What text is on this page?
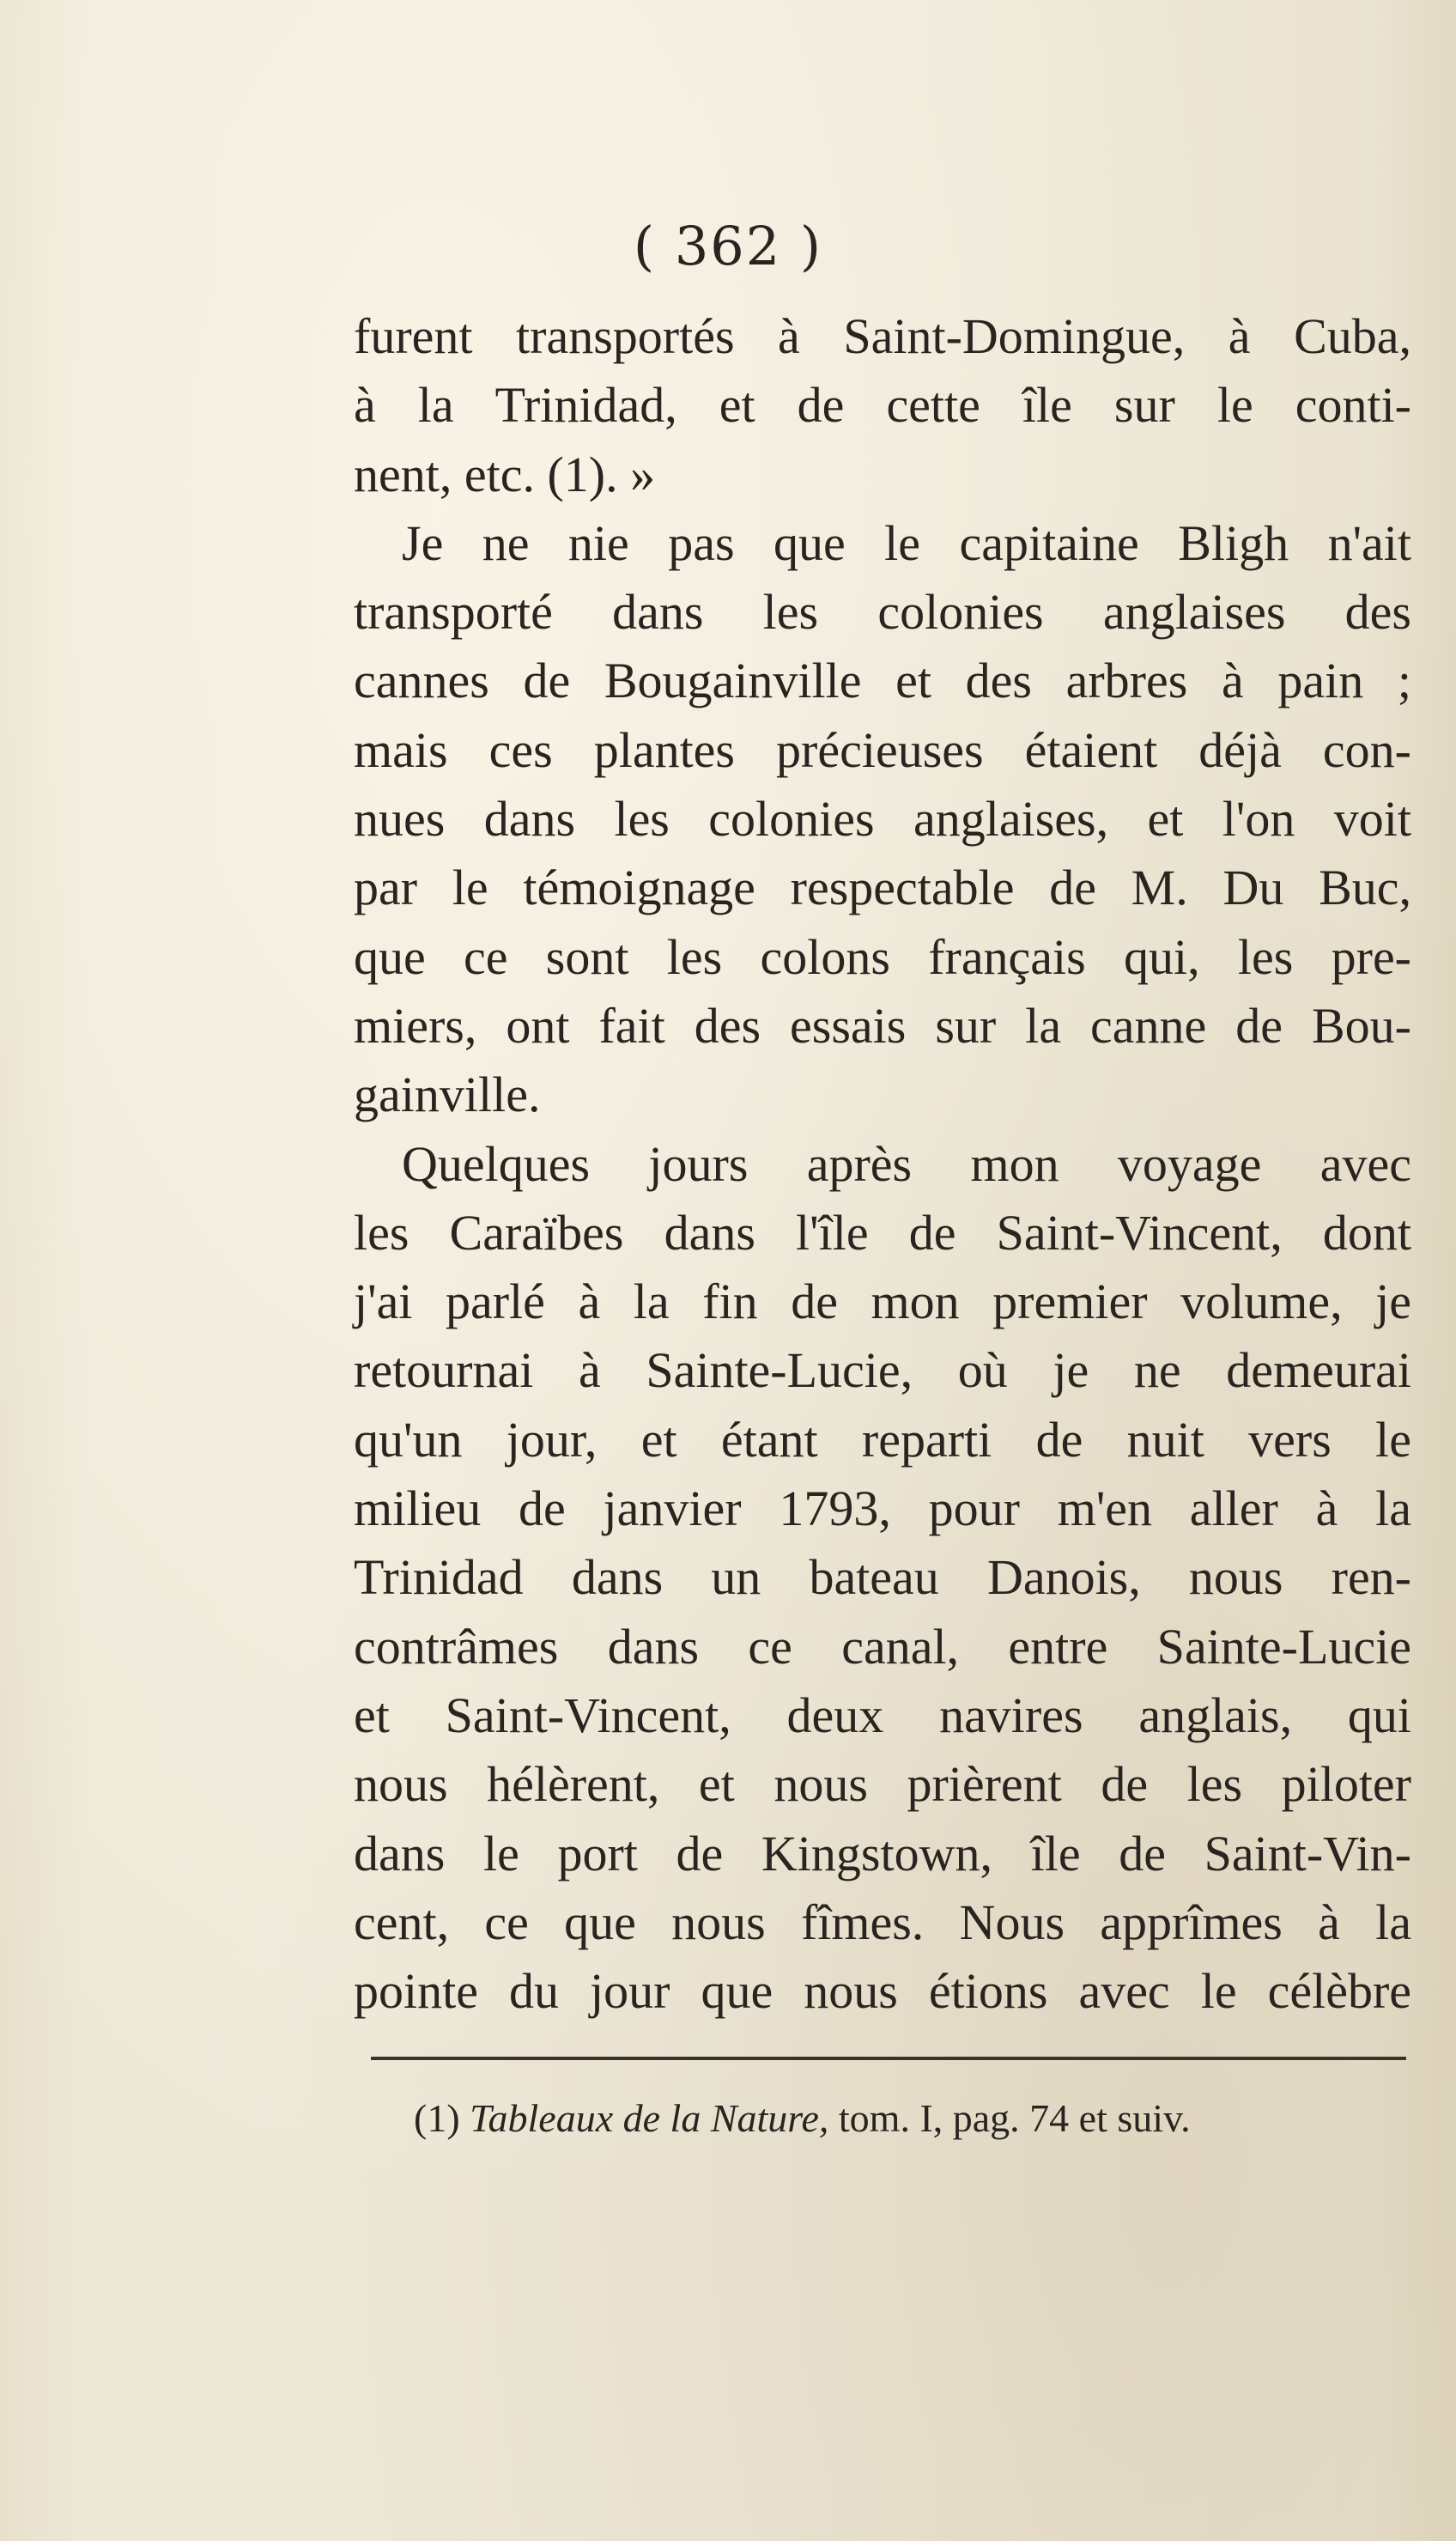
( 362 )
furent transportés à Saint-Domingue, à Cuba,
à la Trinidad, et de cette île sur le conti-
nent, etc. (1). »
Je ne nie pas que le capitaine Bligh n'ait
transporté dans les colonies anglaises des
cannes de Bougainville et des arbres à pain ;
mais ces plantes précieuses étaient déjà con-
nues dans les colonies anglaises, et l'on voit
par le témoignage respectable de M. Du Buc,
que ce sont les colons français qui, les pre-
miers, ont fait des essais sur la canne de Bou-
gainville.
Quelques jours après mon voyage avec
les Caraïbes dans l'île de Saint-Vincent, dont
j'ai parlé à la fin de mon premier volume, je
retournai à Sainte-Lucie, où je ne demeurai
qu'un jour, et étant reparti de nuit vers le
milieu de janvier 1793, pour m'en aller à la
Trinidad dans un bateau Danois, nous ren-
contrâmes dans ce canal, entre Sainte-Lucie
et Saint-Vincent, deux navires anglais, qui
nous hélèrent, et nous prièrent de les piloter
dans le port de Kingstown, île de Saint-Vin-
cent, ce que nous fîmes. Nous apprîmes à la
pointe du jour que nous étions avec le célèbre
(1) Tableaux de la Nature, tom. I, pag. 74 et suiv.
